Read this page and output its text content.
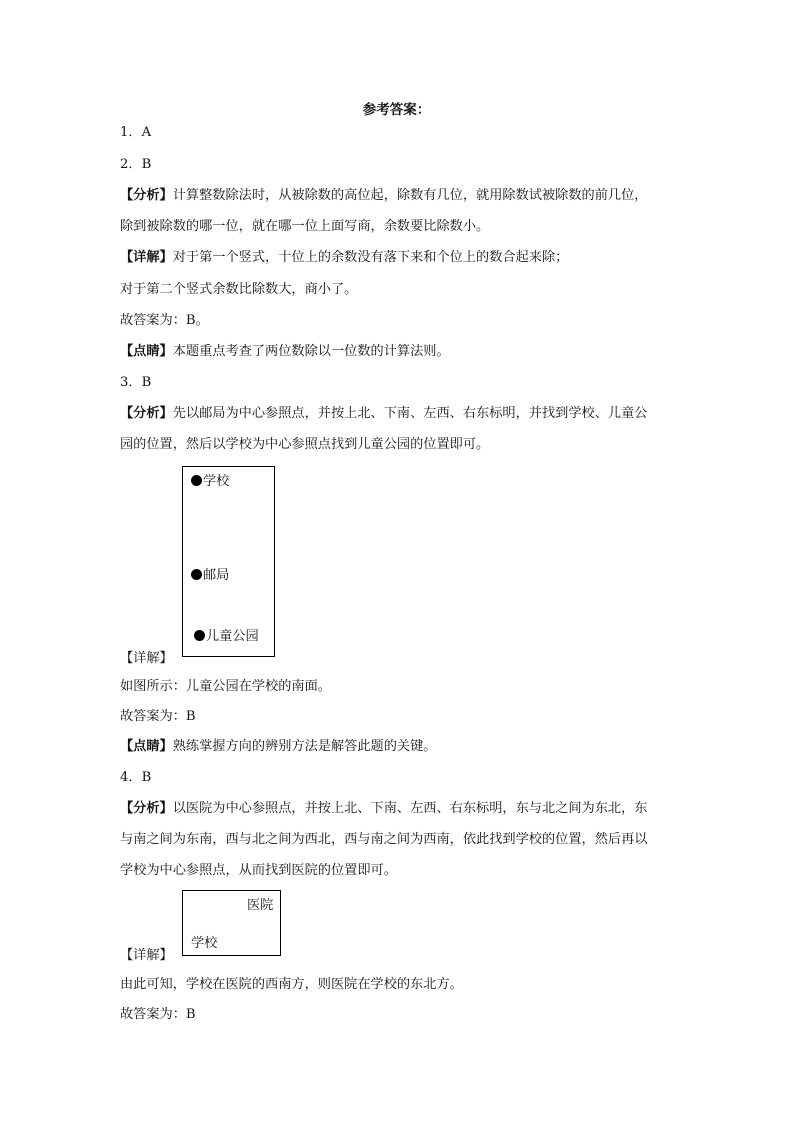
参考答案：
1．A
2．B
【分析】计算整数除法时，从被除数的高位起，除数有几位，就用除数试被除数的前几位，
除到被除数的哪一位，就在哪一位上面写商，余数要比除数小。
【详解】对于第一个竖式，十位上的余数没有落下来和个位上的数合起来除；
对于第二个竖式余数比除数大，商小了。
故答案为：B。
【点睛】本题重点考查了两位数除以一位数的计算法则。
3．B
【分析】先以邮局为中心参照点，并按上北、下南、左西、右东标明，并找到学校、儿童公
园的位置，然后以学校为中心参照点找到儿童公园的位置即可。
学校
邮局
儿童公园
【详解】
如图所示：儿童公园在学校的南面。
故答案为：B
【点睛】熟练掌握方向的辨别方法是解答此题的关键。
4．B
【分析】以医院为中心参照点，并按上北、下南、左西、右东标明，东与北之间为东北，东
与南之间为东南，西与北之间为西北，西与南之间为西南，依此找到学校的位置，然后再以
学校为中心参照点，从而找到医院的位置即可。
医院
学校
【详解】
由此可知，学校在医院的西南方，则医院在学校的东北方。
故答案为：B
